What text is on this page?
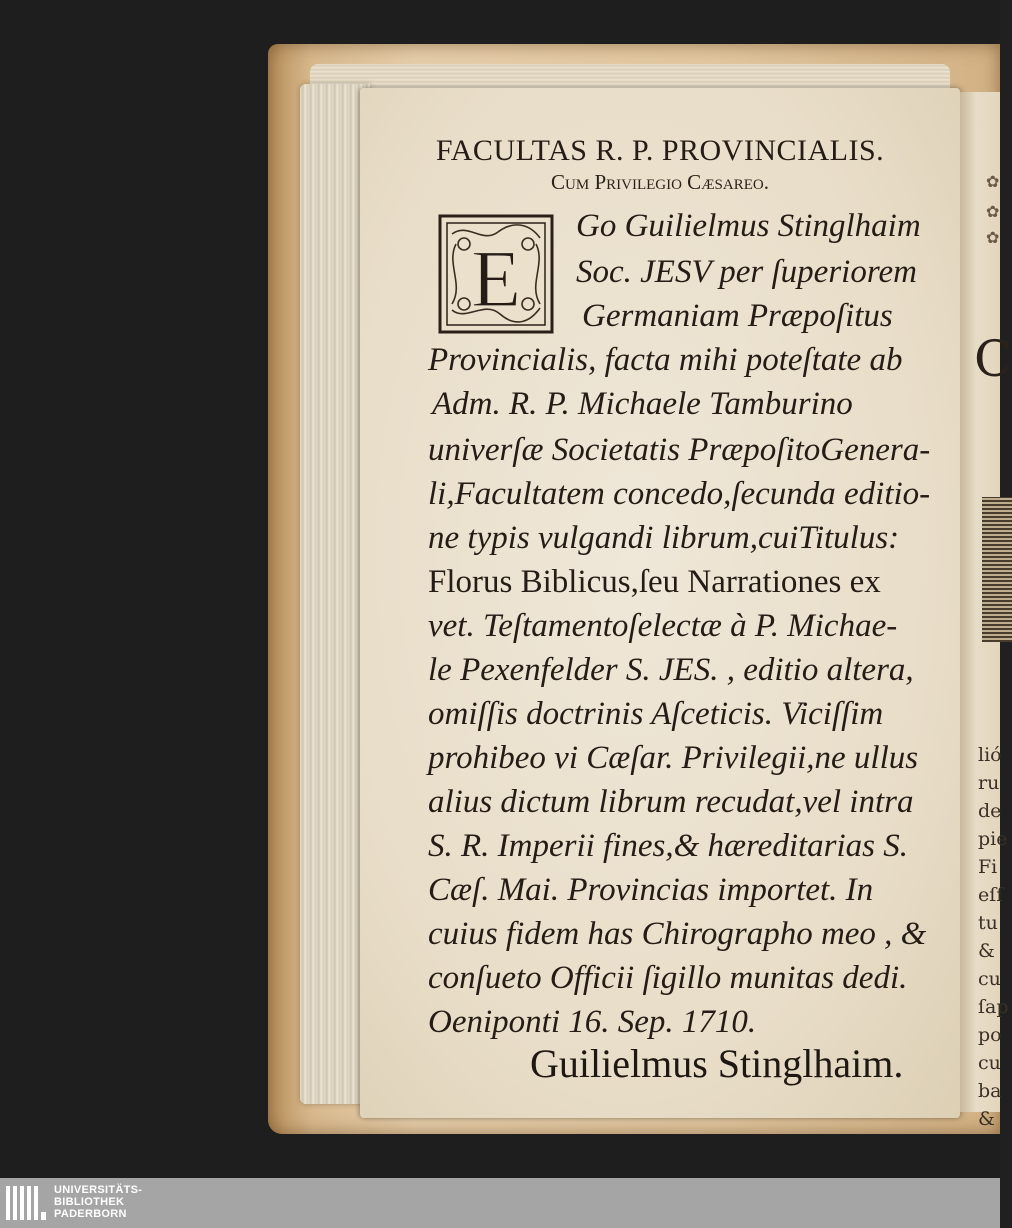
✿
✿
✿
C
lió
ru
de
pie
Fi
eſſ
tu
&
cu
ſap
po
cu
ba
&
FACULTAS R. P. PROVINCIALIS.
Cum Privilegio Cæsareo.
E
Go Guilielmus Stinglhaim
Soc. JESV per ſuperiorem
Germaniam Præpoſitus
Provincialis, facta mihi poteſtate ab
Adm. R. P. Michaele Tamburino
univerſæ Societatis PræpoſitoGenera-
li,Facultatem concedo,ſecunda editio-
ne typis vulgandi librum,cuiTitulus:
Florus Biblicus,ſeu Narrationes ex
vet. Teſtamentoſelectæ à P. Michae-
le Pexenfelder S. JES. , editio altera,
omiſſis doctrinis Aſceticis. Viciſſim
prohibeo vi Cæſar. Privilegii,ne ullus
alius dictum librum recudat,vel intra
S. R. Imperii fines,& hæreditarias S.
Cæſ. Mai. Provincias importet. In
cuius fidem has Chirographo meo , &
conſueto Officii ſigillo munitas dedi.
Oeniponti 16. Sep. 1710.
Guilielmus Stinglhaim.
UNIVERSITÄTS-
BIBLIOTHEK
PADERBORN
